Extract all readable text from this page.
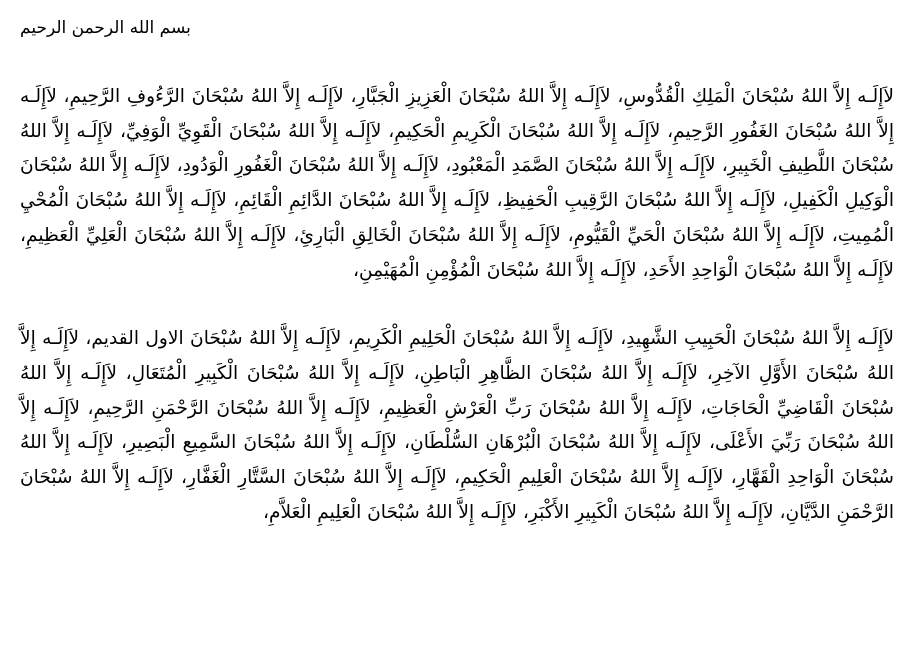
بسم الله الرحمن الرحيم

لاَإِلَـه إِلاَّ اللهُ سُبْحَانَ الْمَلِكِ الْقُدُّوسِ، لاَإِلَـه إِلاَّ اللهُ سُبْحَانَ الْعَزِيزِ الْجَبَّارِ، لاَإِلَـه إِلاَّ اللهُ سُبْحَانَ الرَّءُوفِ الرَّحِيمِ، لاَإِلَـه إِلاَّ اللهُ سُبْحَانَ الغَفُورِ الرَّحِيمِ، لاَإِلَـه إِلاَّ اللهُ سُبْحَانَ الْكَرِيمِ الْحَكِيمِ، لاَإِلَـه إِلاَّ اللهُ سُبْحَانَ الْقَوِيِّ الْوَفِيِّ، لاَإِلَـه إِلاَّ اللهُ سُبْحَانَ اللَّطِيفِ الْخَبِيرِ، لاَإِلَـه إِلاَّ اللهُ سُبْحَانَ الصَّمَدِ الْمَعْبُودِ، لاَإِلَـه إِلاَّ اللهُ سُبْحَانَ الْغَفُورِ الْوَدُودِ، لاَإِلَـه إِلاَّ اللهُ سُبْحَانَ الْوَكِيلِ الْكَفِيلِ، لاَإِلَـه إِلاَّ اللهُ سُبْحَانَ الرَّقِيبِ الْحَفِيظِ، لاَإِلَـه إِلاَّ اللهُ سُبْحَانَ الدَّائِمِ الْقَائِمِ، لاَإِلَـه إِلاَّ اللهُ سُبْحَانَ الْمُحْيِ الْمُمِيتِ، لاَإِلَـه إِلاَّ اللهُ سُبْحَانَ الْحَيِّ الْقَيُّومِ، لاَإِلَـه إِلاَّ اللهُ سُبْحَانَ الْخَالِقِ الْبَارِئِ، لاَإِلَـه إِلاَّ اللهُ سُبْحَانَ الْعَلِيِّ الْعَظِيمِ، لاَإِلَـه إِلاَّ اللهُ سُبْحَانَ الْوَاحِدِ الأَحَدِ، لاَإِلَـه إِلاَّ اللهُ سُبْحَانَ الْمُؤْمِنِ الْمُهَيْمِنِ،

لاَإِلَـه إِلاَّ اللهُ سُبْحَانَ الْحَبِيبِ الشَّهِيدِ، لاَإِلَـه إِلاَّ اللهُ سُبْحَانَ الْحَلِيمِ الْكَرِيمِ، لاَإِلَـه إِلاَّ اللهُ سُبْحَانَ الاول القديم، لاَإِلَـه إِلاَّ اللهُ سُبْحَانَ الأَوَّلِ الآخِرِ، لاَإِلَـه إِلاَّ اللهُ سُبْحَانَ الظَّاهِرِ الْبَاطِنِ، لاَإِلَـه إِلاَّ اللهُ سُبْحَانَ الْكَبِيرِ الْمُتَعَالِ، لاَإِلَـه إِلاَّ اللهُ سُبْحَانَ الْقَاضِيِّ الْحَاجَاتِ، لاَإِلَـه إِلاَّ اللهُ سُبْحَانَ رَبِّ الْعَرْشِ الْعَظِيمِ، لاَإِلَـه إِلاَّ اللهُ سُبْحَانَ الرَّحْمَنِ الرَّحِيمِ، لاَإِلَـه إِلاَّ اللهُ سُبْحَانَ رَبِّيَ الأَعْلَى، لاَإِلَـه إِلاَّ اللهُ سُبْحَانَ الْبُرْهَانِ السُّلْطَانِ، لاَإِلَـه إِلاَّ اللهُ سُبْحَانَ السَّمِيعِ الْبَصِيرِ، لاَإِلَـه إِلاَّ اللهُ سُبْحَانَ الْوَاحِدِ الْقَهَّارِ، لاَإِلَـه إِلاَّ اللهُ سُبْحَانَ الْعَلِيمِ الْحَكِيمِ، لاَإِلَـه إِلاَّ اللهُ سُبْحَانَ السَّتَّارِ الْغَفَّارِ، لاَإِلَـه إِلاَّ اللهُ سُبْحَانَ الرَّحْمَنِ الدَّيَّانِ، لاَإِلَـه إِلاَّ اللهُ سُبْحَانَ الْكَبِيرِ الأَكْبَرِ، لاَإِلَـه إِلاَّ اللهُ سُبْحَانَ الْعَلِيمِ الْعَلاَّمِ،
